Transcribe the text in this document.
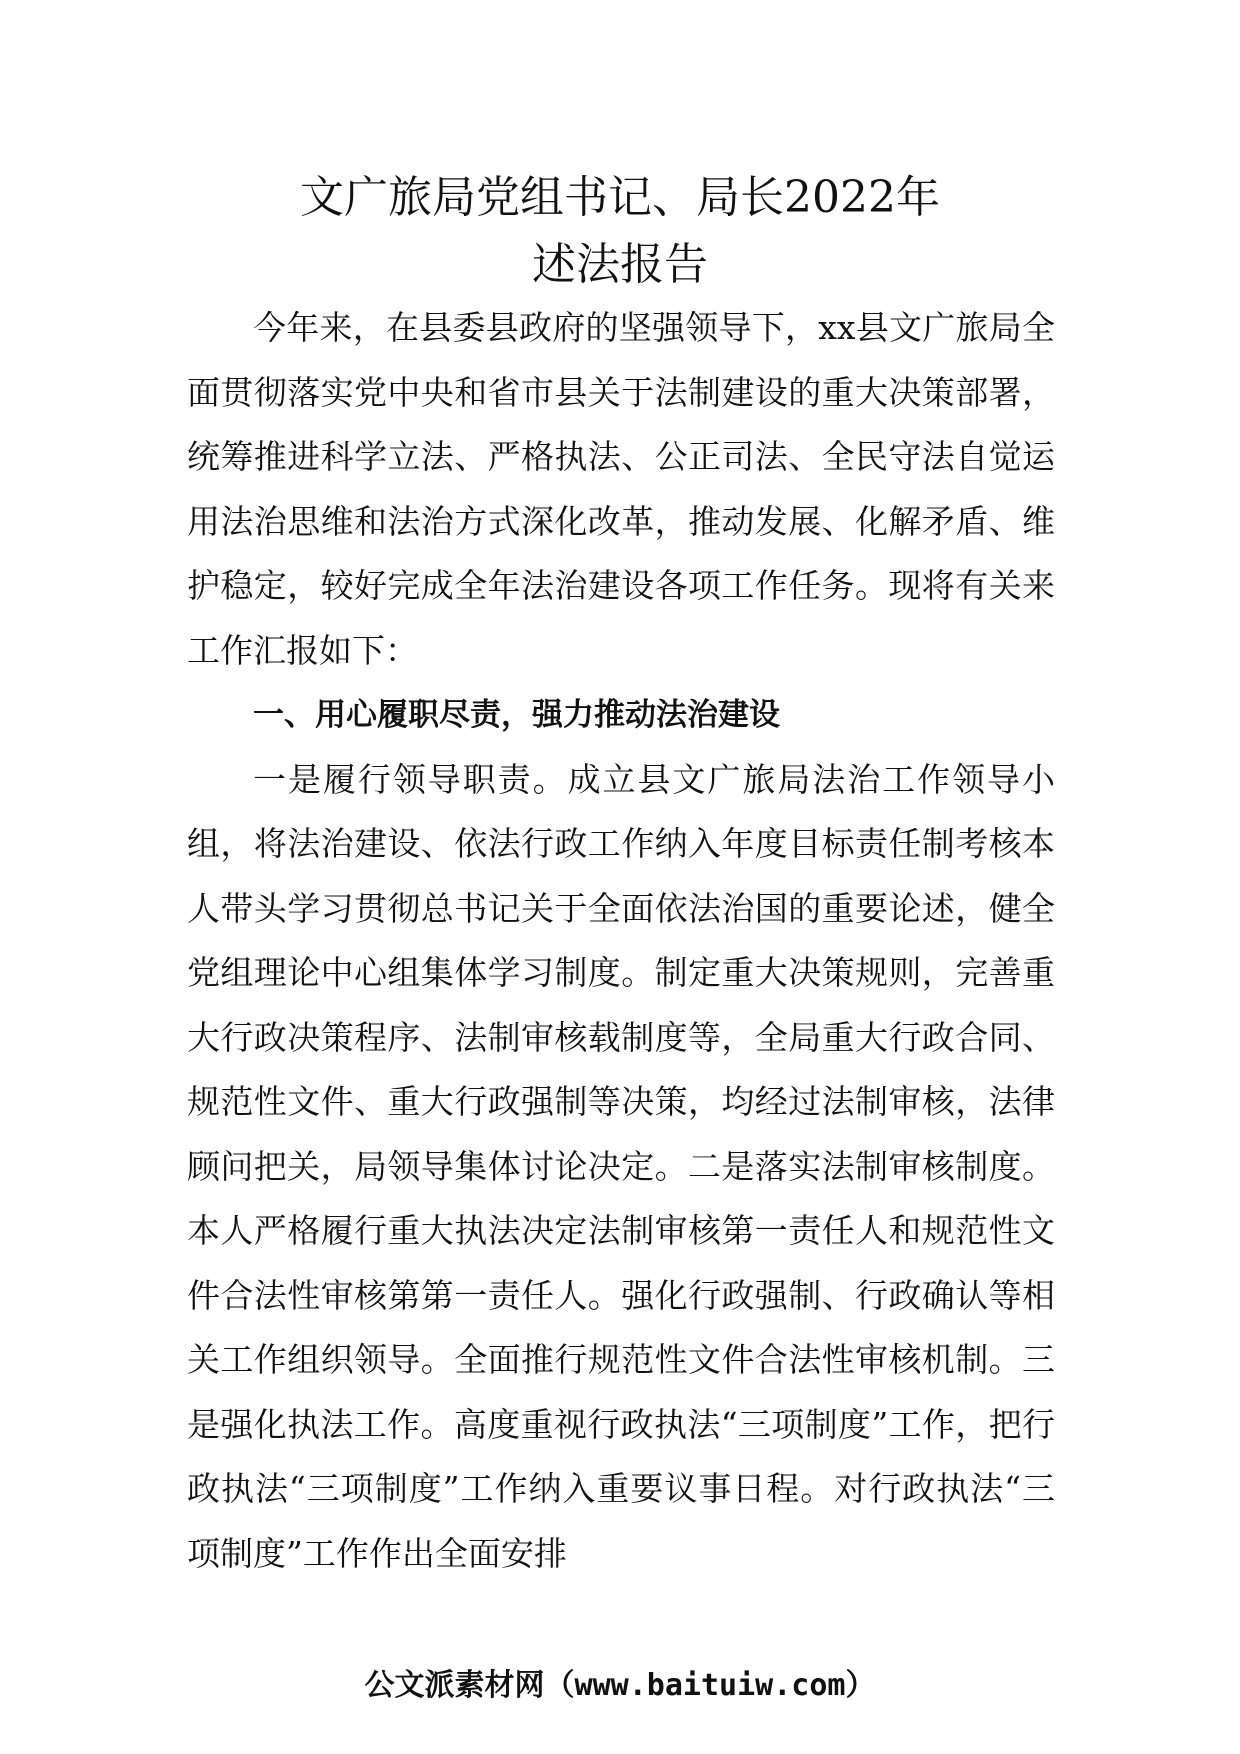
文广旅局党组书记、局长2022年
述法报告

今年来，在县委县政府的坚强领导下，xx县文广旅局全面贯彻落实党中央和省市县关于法制建设的重大决策部署，统筹推进科学立法、严格执法、公正司法、全民守法自觉运用法治思维和法治方式深化改革，推动发展、化解矛盾、维护稳定，较好完成全年法治建设各项工作任务。现将有关来工作汇报如下：

一、用心履职尽责，强力推动法治建设

一是履行领导职责。成立县文广旅局法治工作领导小组，将法治建设、依法行政工作纳入年度目标责任制考核本人带头学习贯彻总书记关于全面依法治国的重要论述，健全党组理论中心组集体学习制度。制定重大决策规则，完善重大行政决策程序、法制审核载制度等，全局重大行政合同、规范性文件、重大行政强制等决策，均经过法制审核，法律顾问把关，局领导集体讨论决定。二是落实法制审核制度。本人严格履行重大执法决定法制审核第一责任人和规范性文件合法性审核第第一责任人。强化行政强制、行政确认等相关工作组织领导。全面推行规范性文件合法性审核机制。三是强化执法工作。高度重视行政执法“三项制度”工作，把行政执法“三项制度”工作纳入重要议事日程。对行政执法“三项制度”工作作出全面安排

公文派素材网（www.baituiw.com）
